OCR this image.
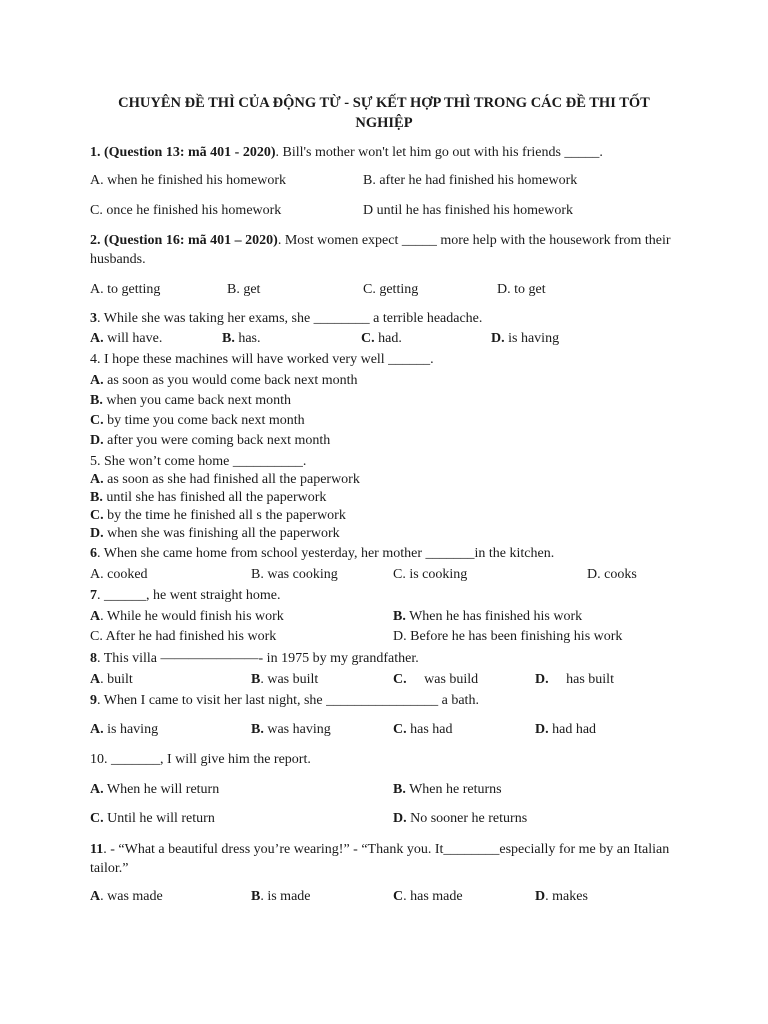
CHUYÊN ĐỀ THÌ CỦA ĐỘNG TỪ - SỰ KẾT HỢP THÌ TRONG CÁC ĐỀ THI TỐT NGHIỆP
1. (Question 13: mã 401 - 2020). Bill's mother won't let him go out with his friends _____.
A. when he finished his homework	B. after he had finished his homework
C. once he finished his homework	D until he has finished his homework
2. (Question 16: mã 401 – 2020). Most women expect _____ more help with the housework from their husbands.
A. to getting	B. get	C. getting	D. to get
3. While she was taking her exams, she ________ a terrible headache.
A. will have.	B. has.	C. had.	D. is having
4. I hope these machines will have worked very well ______.
A. as soon as you would come back next month
B. when you came back next month
C. by time you come back next month
D. after you were coming back next month
5. She won’t come home __________.
A. as soon as she had finished all the paperwork
B. until she has finished all the paperwork
C. by the time he finished all s the paperwork
D. when she was finishing all the paperwork
6. When she came home from school yesterday, her mother _______in the kitchen.
A. cooked	B. was cooking	C. is cooking	D. cooks
7. ______, he went straight home.
A. While he would finish his work	B. When he has finished his work
C. After he had finished his work	D. Before he has been finishing his work
8. This villa ———————- in 1975 by my grandfather.
A. built	B. was built	C. was build	D. has built
9. When I came to visit her last night, she ________________ a bath.
A. is having	B. was having	C. has had	D. had had
10. _______, I will give him the report.
A. When he will return	B. When he returns
C. Until he will return	D. No sooner he returns
11. - “What a beautiful dress you’re wearing!” - “Thank you. It________especially for me by an Italian tailor.”
A. was made	B. is made	C. has made	D. makes
